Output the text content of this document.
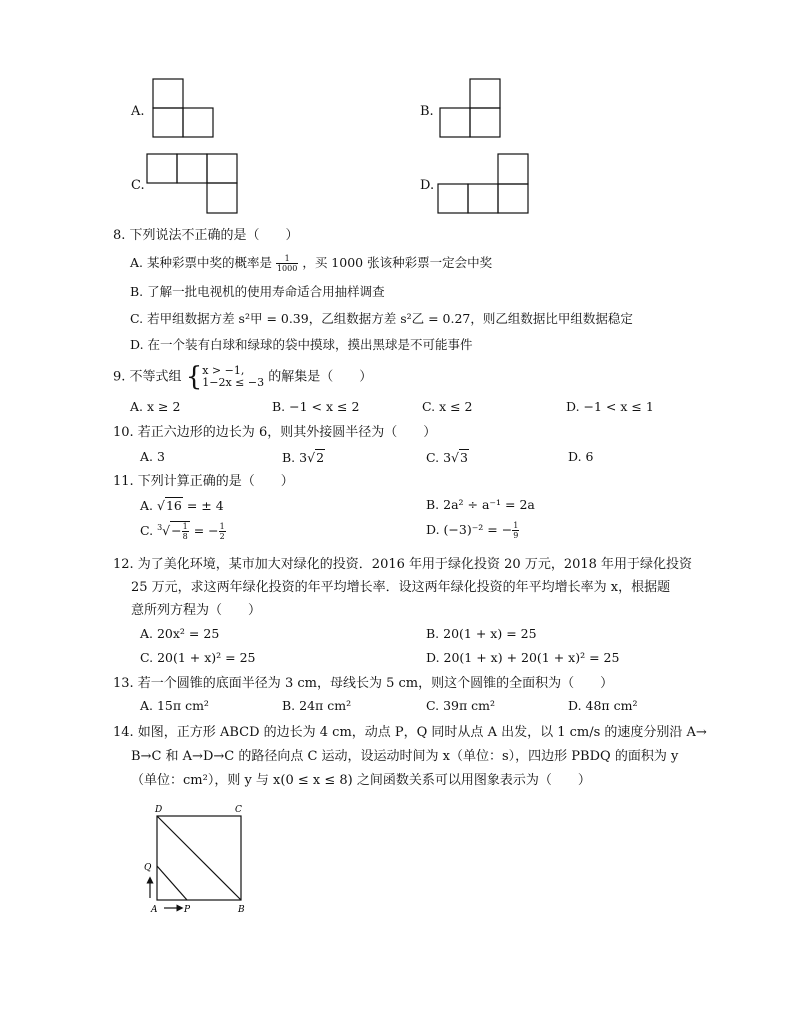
A.	B.
C.	D.
8. 下列说法不正确的是（　　）
A. 某种彩票中奖的概率是 $\frac{1}{1000}$ ，买 1000 张该种彩票一定会中奖
B. 了解一批电视机的使用寿命适合用抽样调查
C. 若甲组数据方差 s²甲 = 0.39，乙组数据方差 s²乙 = 0.27，则乙组数据比甲组数据稳定
D. 在一个装有白球和绿球的袋中摸球，摸出黑球是不可能事件
9. 不等式组 { x > −1,
1−2x ≤ −3 的解集是（　　）
A. x ≥ 2	B. −1 < x ≤ 2	C. x ≤ 2	D. −1 < x ≤ 1
10. 若正六边形的边长为 6，则其外接圆半径为（　　）
A. 3	B. 3√2	C. 3√3	D. 6
11. 下列计算正确的是（　　）
A. √16 = ± 4	B. 2a² ÷ a⁻¹ = 2a
C. $^3√- \frac{1}{8}$ = − $\frac{1}{2}$	D. (−3)⁻² = − $\frac{1}{9}$
12. 为了美化环境，某市加大对绿化的投资．2016 年用于绿化投资 20 万元，2018 年用于绿化投资
25 万元，求这两年绿化投资的年平均增长率．设这两年绿化投资的年平均增长率为 x，根据题
意所列方程为（　　）
A. 20x² = 25	B. 20(1 + x) = 25
C. 20(1 + x)² = 25	D. 20(1 + x) + 20(1 + x)² = 25
13. 若一个圆锥的底面半径为 3 cm，母线长为 5 cm，则这个圆锥的全面积为（　　）
A. 15π cm²	B. 24π cm²	C. 39π cm²	D. 48π cm²
14. 如图，正方形 ABCD 的边长为 4 cm，动点 P，Q 同时从点 A 出发，以 1 cm/s 的速度分别沿 A→
B→C 和 A→D→C 的路径向点 C 运动，设运动时间为 x（单位：s），四边形 PBDQ 的面积为 y
（单位：cm²），则 y 与 x(0 ≤ x ≤ 8) 之间函数关系可以用图象表示为（　　）
D	C
Q
A	P	B
